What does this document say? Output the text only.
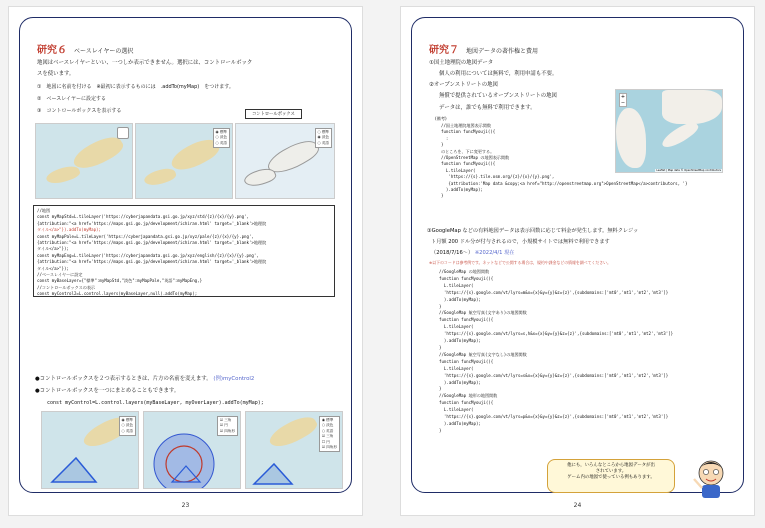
研究６ ベースレイヤーの選択
地図はベースレイヤーといい、一つしか表示できません。選択には、コントロールボック
スを使います。
①　地図に名前を付ける　※最初に表示するものには　.addTo(myMap)　をつけます。
②　ベースレイヤーに設定する
③　コントロールボックスを表示する
コントロールボックス
◉ 標準
○ 淡色
○ 英語
○ 標準
◉ 淡色
○ 英語
//地図
const myMapStd=L.tileLayer('https://cyberjapandata.gsi.go.jp/xyz/std/{z}/{x}/{y}.png',
{attribution:"<a href='https://maps.gsi.go.jp/development/ichiran.html' target='_blank'>地理院
タイル</a>"}).addTo(myMap);
const myMapPale=L.tileLayer('https://cyberjapandata.gsi.go.jp/xyz/pale/{z}/{x}/{y}.png',
{attribution:"<a href='https://maps.gsi.go.jp/development/ichiran.html' target='_blank'>地理院
タイル</a>"});
const myMapEng=L.tileLayer('https://cyberjapandata.gsi.go.jp/xyz/english/{z}/{x}/{y}.png',
{attribution:"<a href='https://maps.gsi.go.jp/development/ichiran.html' target='_blank'>地理院
タイル</a>"});
//ベースレイヤーに設定
const myBaseLayer={"標準":myMapStd,"淡色":myMapPale,"英語":myMapEng,}
//コントロールボックスの表示
const myControl2=L.control.layers(myBaseLayer,null).addTo(myMap);
●コントロールボックスを２つ表示するときは、片方の名前を変えます。 (例)myControl2
●コントロールボックスを一つにまとめることもできます。
const myControl=L.control.layers(myBaseLayer, myOverLayer).addTo(myMap);
◉ 標準
○ 淡色
○ 英語
☑ 三角
☑ 円
☑ 四角形
◉ 標準
○ 淡色
○ 英語
☑ 三角
☐ 円
☑ 四角形
23
研究７ 地図データの著作権と費用
①国土地理院の地図データ
個人の利用については無料で，利用申請も不要。
②オープンストリートの地図
無償で提供されているオープンストリートの地図
データは，誰でも無料で利用できます。
(備考)
//国土地理院地図表示関数
function funcMyouji(){
:
}
のところを、下に変更する。
//OpenStreetMap の地図表示関数
function funcMyouji(){
L.tileLayer(
'https://{s}.tile.osm.org/{z}/{x}/{y}.png',
{attribution:'Map data &copy;<a href="http://openstreetmap.org">OpenStreetMap</a>contributors, '}
).addTo(myMap);
}
+
−
Leaflet | Map data © OpenStreetMap contributors
③GoogleMap などの有料地図データは表示回数に応じて料金が発生します。無料クレジッ
ト月額 200 ドル分が付与されるので，小規模サイトでは無料で利用できます
（2018/7/16～） ※2022/4/1 現在
※以下のコードは参考例です。ネットなどで公開する場合は，規約や課金などの情報を調べてください。
//GoogleMap の地図関数
function funcMyouji(){
L.tileLayer(
'https://{s}.google.com/vt/lyrs=m&x={x}&y={y}&z={z}',{subdomains:['mt0','mt1','mt2','mt3']}
).addTo(myMap);
}
//GoogleMap 航空写真(文字あり)の地図関数
function funcMyouji(){
L.tileLayer(
'https://{s}.google.com/vt/lyrs=s,h&x={x}&y={y}&z={z}',{subdomains:['mt0','mt1','mt2','mt3']}
).addTo(myMap);
}
//GoogleMap 航空写真(文字なし)の地図関数
function funcMyouji(){
L.tileLayer(
'https://{s}.google.com/vt/lyrs=s&x={x}&y={y}&z={z}',{subdomains:['mt0','mt1','mt2','mt3']}
).addTo(myMap);
}
//GoogleMap 地形の地図関数
function funcMyouji(){
L.tileLayer(
'https://{s}.google.com/vt/lyrs=p&x={x}&y={y}&z={z}',{subdomains:['mt0','mt1','mt2','mt3']}
).addTo(myMap);
}
他にも，いろんなところから地図データが出
されています。
ゲーム内の地図で使っている例もあります。
24
